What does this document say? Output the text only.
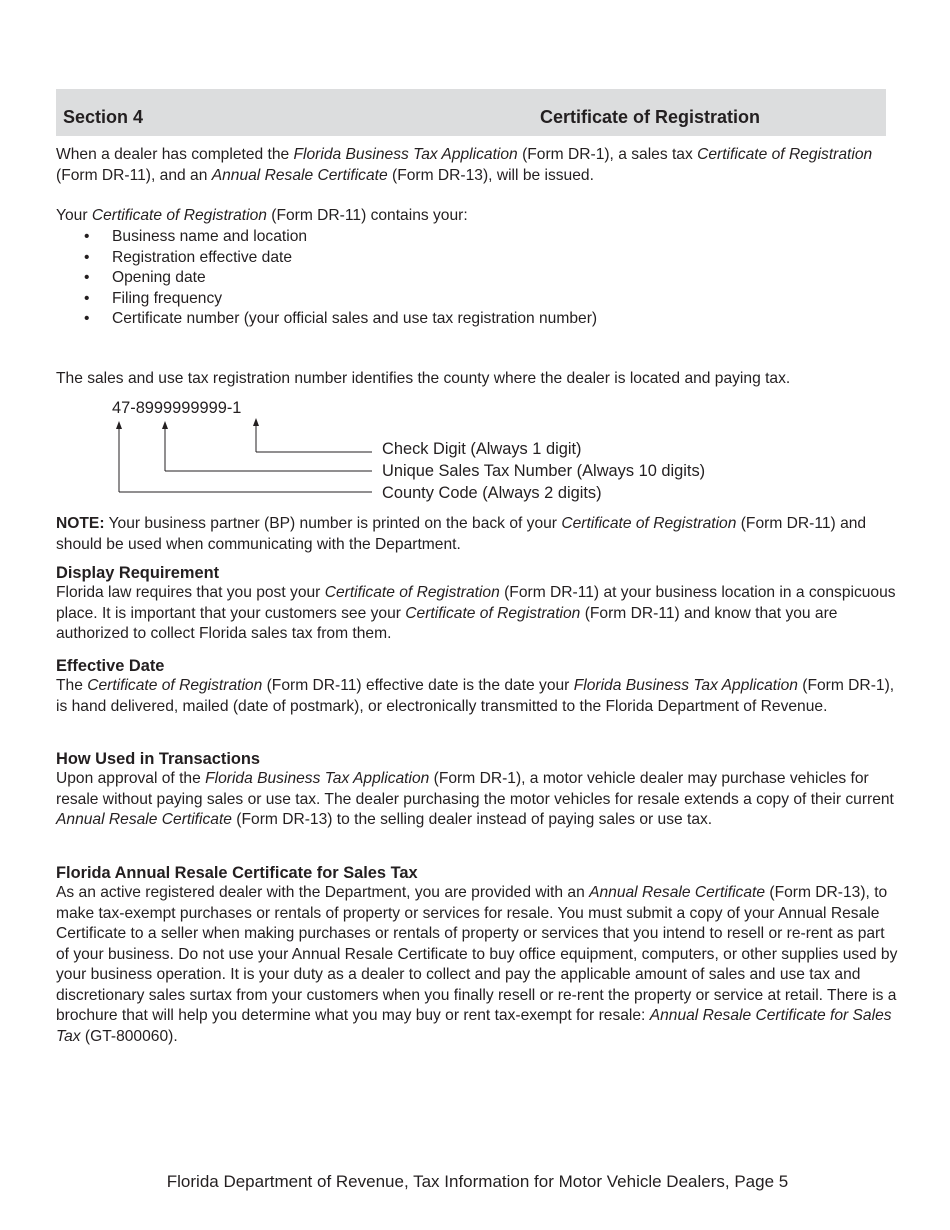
Section 4	Certificate of Registration

When a dealer has completed the Florida Business Tax Application (Form DR-1), a sales tax Certificate of Registration (Form DR-11), and an Annual Resale Certificate (Form DR-13), will be issued.

Your Certificate of Registration (Form DR-11) contains your:

• Business name and location
• Registration effective date
• Opening date
• Filing frequency
• Certificate number (your official sales and use tax registration number)

The sales and use tax registration number identifies the county where the dealer is located and paying tax.

47-8999999999-1
Check Digit (Always 1 digit)
Unique Sales Tax Number (Always 10 digits)
County Code (Always 2 digits)

NOTE: Your business partner (BP) number is printed on the back of your Certificate of Registration (Form DR-11) and should be used when communicating with the Department.

Display Requirement

Florida law requires that you post your Certificate of Registration (Form DR-11) at your business location in a conspicuous place. It is important that your customers see your Certificate of Registration (Form DR-11) and know that you are authorized to collect Florida sales tax from them.

Effective Date

The Certificate of Registration (Form DR-11) effective date is the date your Florida Business Tax Application (Form DR-1), is hand delivered, mailed (date of postmark), or electronically transmitted to the Florida Department of Revenue.

How Used in Transactions

Upon approval of the Florida Business Tax Application (Form DR-1), a motor vehicle dealer may purchase vehicles for resale without paying sales or use tax. The dealer purchasing the motor vehicles for resale extends a copy of their current Annual Resale Certificate (Form DR-13) to the selling dealer instead of paying sales or use tax.

Florida Annual Resale Certificate for Sales Tax

As an active registered dealer with the Department, you are provided with an Annual Resale Certificate (Form DR-13), to make tax-exempt purchases or rentals of property or services for resale. You must submit a copy of your Annual Resale Certificate to a seller when making purchases or rentals of property or services that you intend to resell or re-rent as part of your business. Do not use your Annual Resale Certificate to buy office equipment, computers, or other supplies used by your business operation. It is your duty as a dealer to collect and pay the applicable amount of sales and use tax and discretionary sales surtax from your customers when you finally resell or re-rent the property or service at retail. There is a brochure that will help you determine what you may buy or rent tax-exempt for resale: Annual Resale Certificate for Sales Tax (GT-800060).

Florida Department of Revenue, Tax Information for Motor Vehicle Dealers, Page 5
